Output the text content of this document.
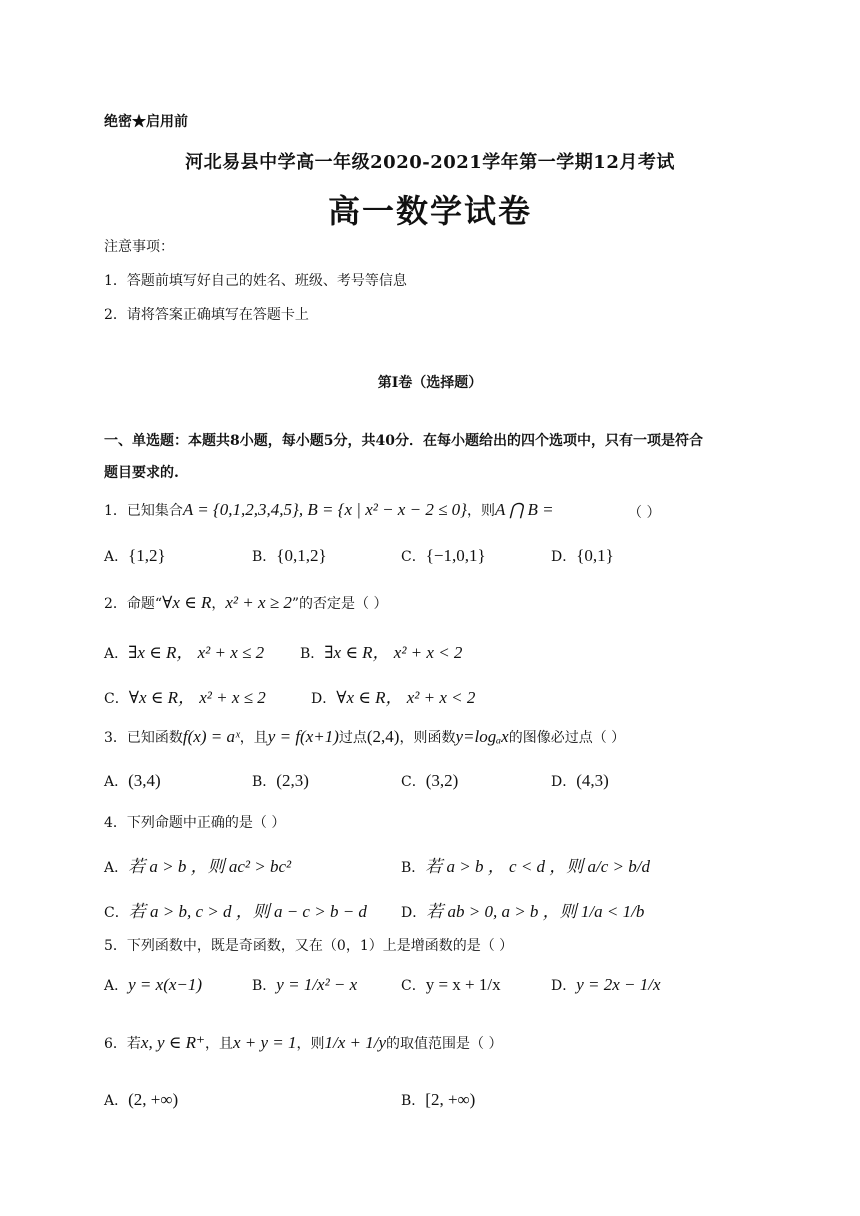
绝密★启用前
河北易县中学高一年级2020-2021学年第一学期12月考试
高一数学试卷
注意事项：
1．答题前填写好自己的姓名、班级、考号等信息
2．请将答案正确填写在答题卡上
第I卷（选择题）
一、单选题：本题共8小题，每小题5分，共40分．在每小题给出的四个选项中，只有一项是符合
题目要求的.
1．已知集合A = {0,1,2,3,4,5}, B = {x | x² − x − 2 ≤ 0}，则A ⋂ B =	（ ）
A．{1,2}	B．{0,1,2}	C．{−1,0,1}	D．{0,1}
2．命题“∀x ∈ R，x² + x ≥ 2”的否定是（ ）
A．∃x ∈ R， x² + x ≤ 2	B．∃x ∈ R， x² + x < 2
C．∀x ∈ R， x² + x ≤ 2	D．∀x ∈ R， x² + x < 2
3．已知函数f(x) = aˣ，且y = f(x+1)过点(2,4)，则函数y=logₐx的图像必过点（ ）
A．(3,4)	B．(2,3)	C．(3,2)	D．(4,3)
4．下列命题中正确的是（ ）
A．若 a > b ，则 ac² > bc²	B．若 a > b ， c < d ，则 a/c > b/d
C．若 a > b, c > d ，则 a − c > b − d D．若 ab > 0, a > b ，则 1/a < 1/b
5．下列函数中，既是奇函数，又在（0，1）上是增函数的是（ ）
A．y = x(x−1)	B．y = 1/x² − x	C．y = x + 1/x	D．y = 2x − 1/x
6．若x, y ∈ R⁺，且x + y = 1，则1/x + 1/y的取值范围是（ ）
A．(2, +∞)	B．[2, +∞)
